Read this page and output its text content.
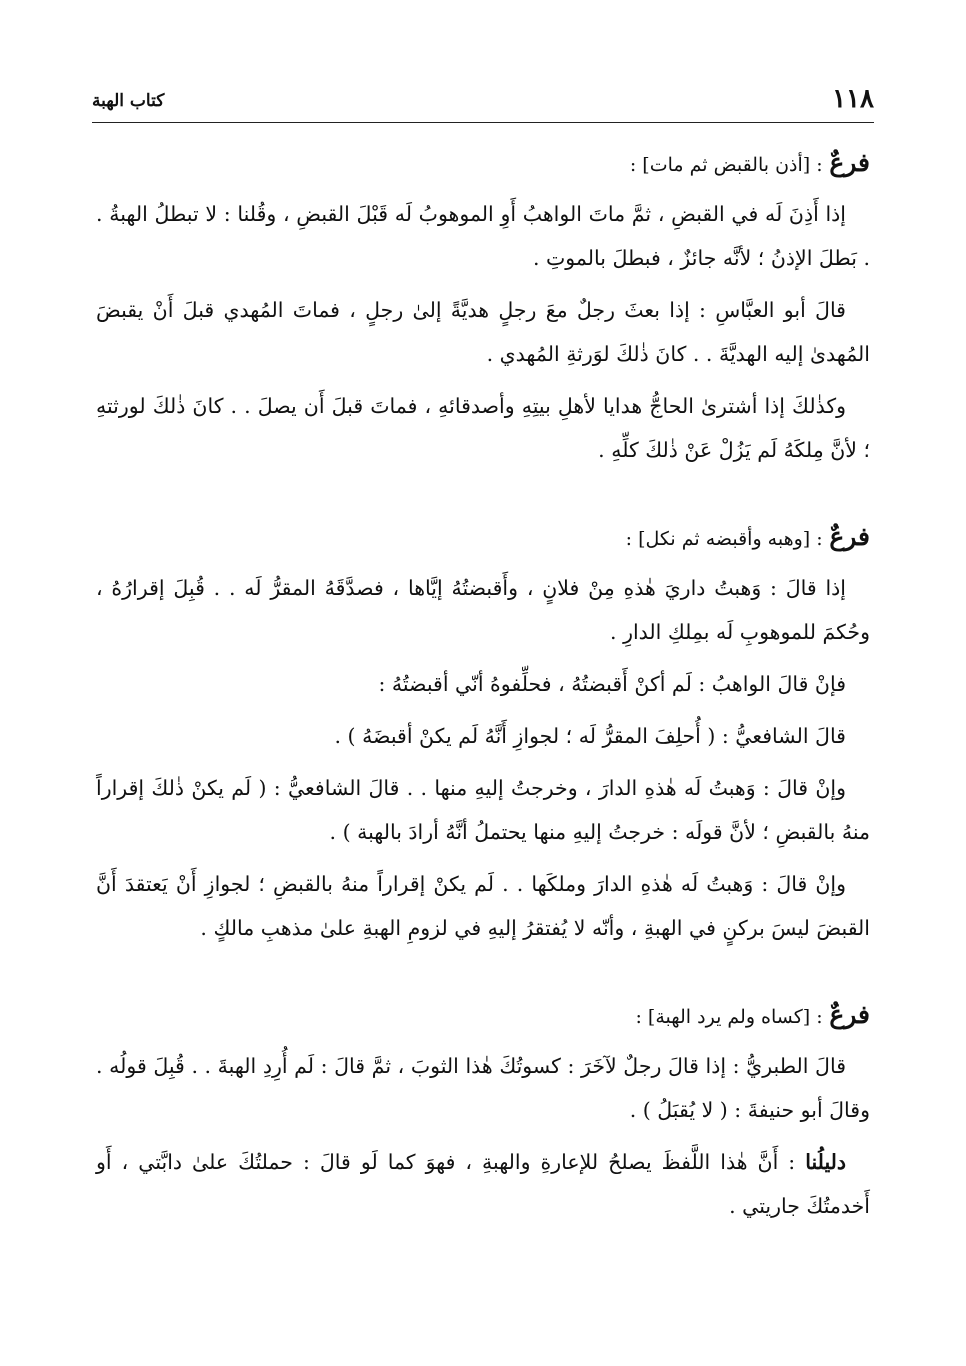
١١٨
كتاب الهبة
فرعٌ : [أذن بالقبض ثم مات] :

إذا أَذِنَ لَه في القبضِ ، ثمَّ ماتَ الواهبُ أَوِ الموهوبُ لَه قَبْلَ القبضِ ، وقُلنا : لا تبطلُ الهبةُ . . بَطلَ الإذنُ ؛ لأنَّه جائزٌ ، فبطلَ بالموتِ .

قالَ أبو العبَّاسِ : إذا بعثَ رجلٌ معَ رجلٍ هديَّةً إلىٰ رجلٍ ، فماتَ المُهدي قبلَ أَنْ يقبضَ المُهدىٰ إليه الهديَّةَ . . كانَ ذٰلكَ لوَرثةِ المُهدي .

وكذٰلكَ إذا أشترىٰ الحاجُّ هدايا لأهلِ بيتِهِ وأصدقائهِ ، فماتَ قبلَ أَن يصلَ . . كانَ ذٰلكَ لورثتهِ ؛ لأنَّ مِلكَهُ لَم يَزُلْ عَنْ ذٰلكَ كلِّهِ .

فرعٌ : [وهبه وأقبضه ثم نكل] :

إذا قالَ : وَهبتُ داريَ هٰذهِ مِنْ فلانٍ ، وأَقبضتُهُ إيَّاها ، فصدَّقَهُ المقرُّ لَه . . قُبِلَ إقرارُهُ ، وحُكمَ للموهوبِ لَه بمِلكِ الدارِ .

فإنْ قالَ الواهبُ : لَم أكنْ أَقبضتُهُ ، فحلِّفوهُ أنّي أقبضتُهُ :

قالَ الشافعيُّ : ( أُحلِفَ المقرُّ لَه ؛ لجوازِ أَنَّهُ لَم يكنْ أقبضَهُ ) .

وإنْ قالَ : وَهبتُ لَه هٰذهِ الدارَ ، وخرجتُ إليهِ منها . . قالَ الشافعيُّ : ( لَم يكنْ ذٰلكَ إقراراً منهُ بالقبضِ ؛ لأنَّ قولَه : خرجتُ إليهِ منها يحتملُ أنَّهُ أرادَ بالهبة ) .

وإنْ قالَ : وَهبتُ لَه هٰذهِ الدارَ وملكَها . . لَم يكنْ إقراراً منهُ بالقبضِ ؛ لجوازِ أَنْ يَعتقدَ أَنَّ القبضَ ليسَ بركنٍ في الهبةِ ، وأنّه لا يُفتقرُ إليهِ في لزومِ الهبةِ علىٰ مذهبِ مالكٍ .

فرعٌ : [كساه ولم يرد الهبة] :

قالَ الطبريُّ : إذا قالَ رجلٌ لآخَرَ : كسوتُكَ هٰذا الثوبَ ، ثمَّ قالَ : لَم أُرِدِ الهبةَ . . قُبِلَ قولُه . وقالَ أبو حنيفةَ : ( لا يُقبَلُ ) .

دليلُنا : أَنَّ هٰذا اللَّفظَ يصلحُ للإعارةِ والهبةِ ، فهوَ كما لَو قالَ : حملتُكَ علىٰ دابَّتي ، أَو أَخدمتُكَ جاريتي .
